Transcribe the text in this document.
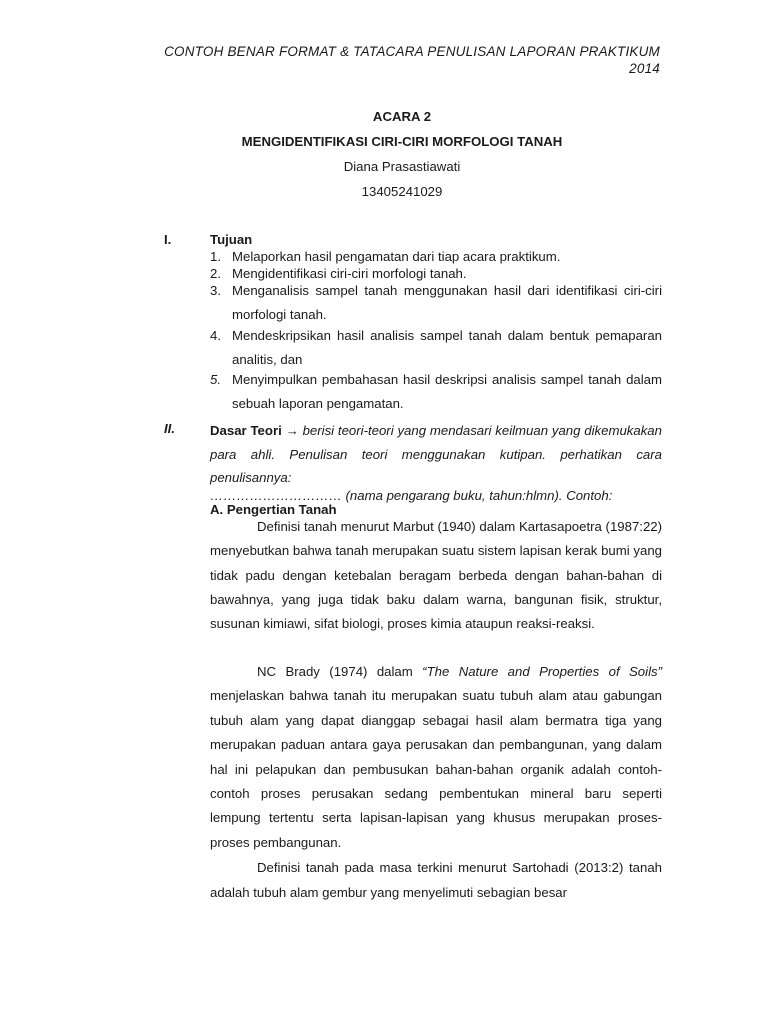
CONTOH BENAR FORMAT & TATACARA PENULISAN LAPORAN PRAKTIKUM
2014
ACARA 2
MENGIDENTIFIKASI CIRI-CIRI MORFOLOGI TANAH
Diana Prasastiawati
13405241029
I.	Tujuan
1. Melaporkan hasil pengamatan dari tiap acara praktikum.
2. Mengidentifikasi ciri-ciri morfologi tanah.
3. Menganalisis sampel tanah menggunakan hasil dari identifikasi ciri-ciri morfologi tanah.
4. Mendeskripsikan hasil analisis sampel tanah dalam bentuk pemaparan analitis, dan
5. Menyimpulkan pembahasan hasil deskripsi analisis sampel tanah dalam sebuah laporan pengamatan.
II.	Dasar Teori → berisi teori-teori yang mendasari keilmuan yang dikemukakan para ahli. Penulisan teori menggunakan kutipan. perhatikan cara penulisannya:

………………………… (nama pengarang buku, tahun:hlmn). Contoh:

A. Pengertian Tanah

Definisi tanah menurut Marbut (1940) dalam Kartasapoetra (1987:22) menyebutkan bahwa tanah merupakan suatu sistem lapisan kerak bumi yang tidak padu dengan ketebalan beragam berbeda dengan bahan-bahan di bawahnya, yang juga tidak baku dalam warna, bangunan fisik, struktur, susunan kimiawi, sifat biologi, proses kimia ataupun reaksi-reaksi.

NC Brady (1974) dalam “The Nature and Properties of Soils” menjelaskan bahwa tanah itu merupakan suatu tubuh alam atau gabungan tubuh alam yang dapat dianggap sebagai hasil alam bermatra tiga yang merupakan paduan antara gaya perusakan dan pembangunan, yang dalam hal ini pelapukan dan pembusukan bahan-bahan organik adalah contoh-contoh proses perusakan sedang pembentukan mineral baru seperti lempung tertentu serta lapisan-lapisan yang khusus merupakan proses-proses pembangunan.

Definisi tanah pada masa terkini menurut Sartohadi (2013:2) tanah adalah tubuh alam gembur yang menyelimuti sebagian besar
